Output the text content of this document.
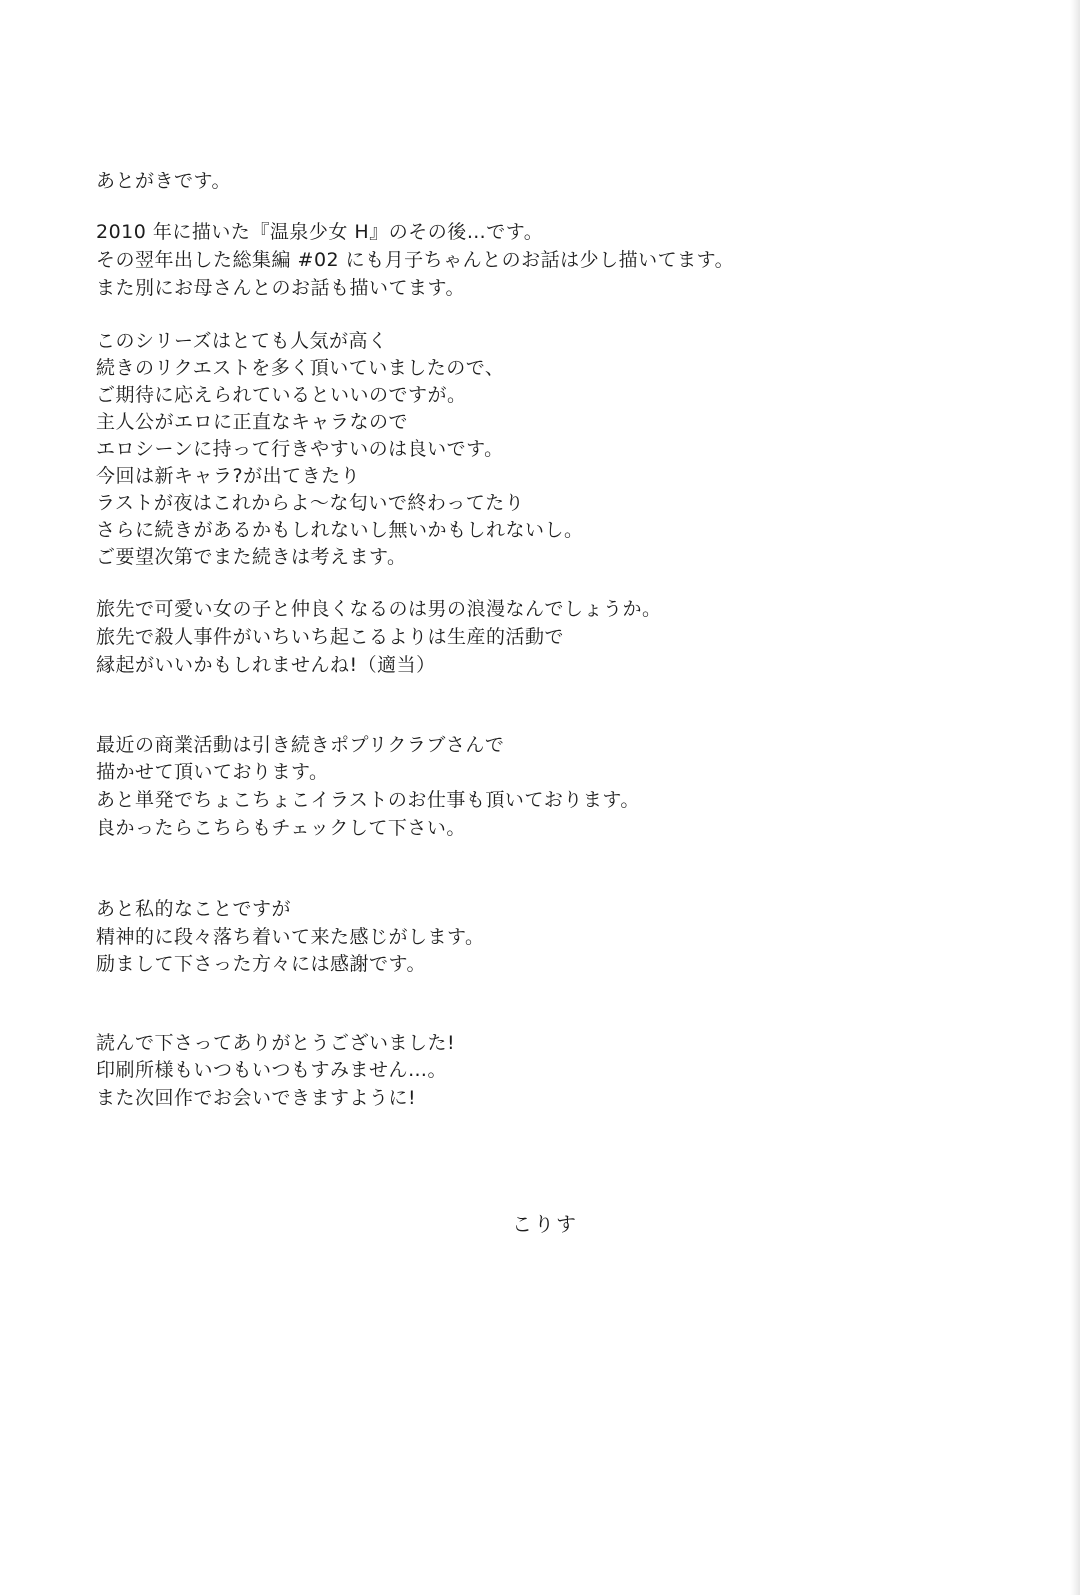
あとがきです。

2010 年に描いた『温泉少女 H』のその後…です。

その翌年出した総集編 #02 にも月子ちゃんとのお話は少し描いてます。

また別にお母さんとのお話も描いてます。

このシリーズはとても人気が高く

続きのリクエストを多く頂いていましたので、

ご期待に応えられているといいのですが。

主人公がエロに正直なキャラなので

エロシーンに持って行きやすいのは良いです。

今回は新キャラ?が出てきたり

ラストが夜はこれからよ～な匂いで終わってたり

さらに続きがあるかもしれないし無いかもしれないし。

ご要望次第でまた続きは考えます。

旅先で可愛い女の子と仲良くなるのは男の浪漫なんでしょうか。

旅先で殺人事件がいちいち起こるよりは生産的活動で

縁起がいいかもしれませんね!（適当）

最近の商業活動は引き続きポプリクラブさんで

描かせて頂いております。

あと単発でちょこちょこイラストのお仕事も頂いております。

良かったらこちらもチェックして下さい。

あと私的なことですが

精神的に段々落ち着いて来た感じがします。

励まして下さった方々には感謝です。

読んで下さってありがとうございました!

印刷所様もいつもいつもすみません…。

また次回作でお会いできますように!

こりす
